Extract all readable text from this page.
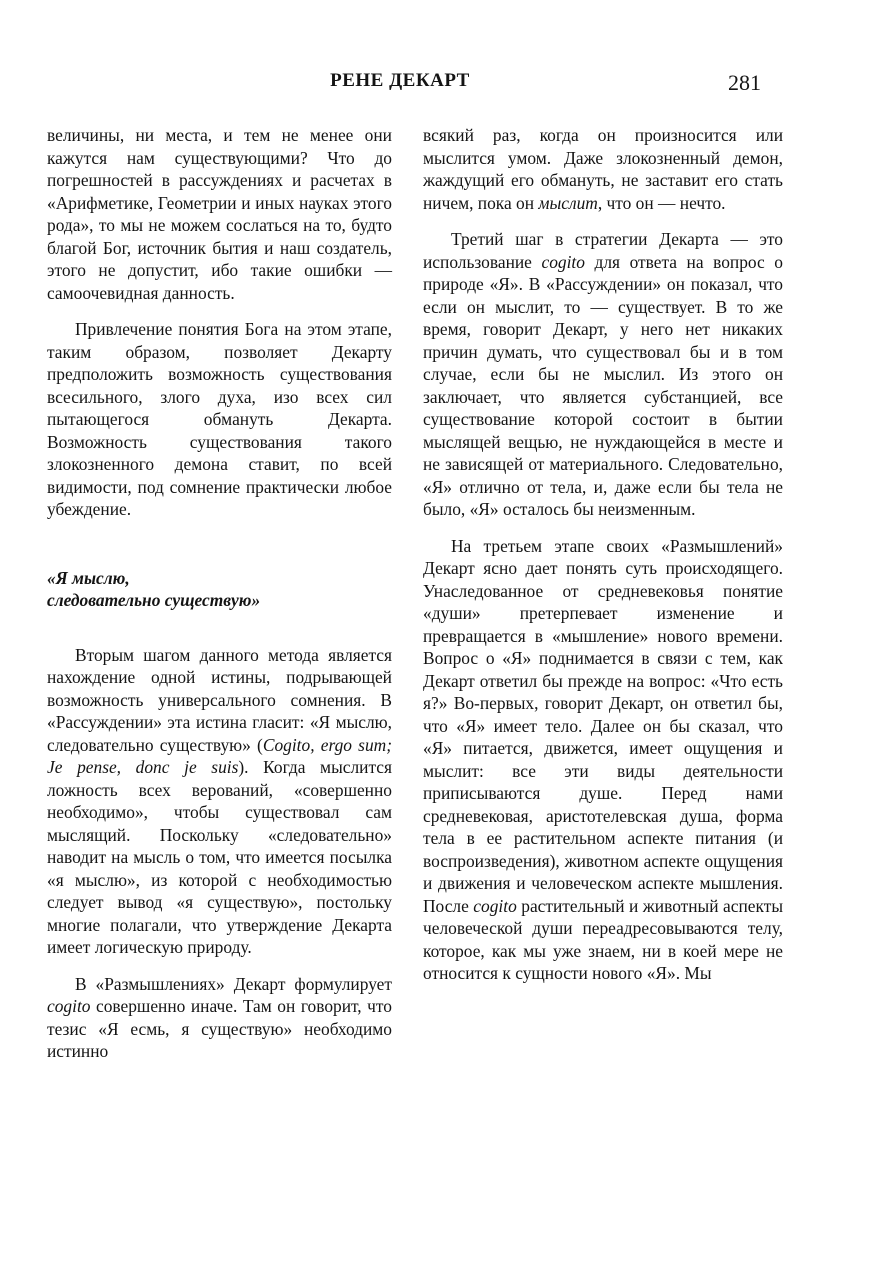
РЕНЕ ДЕКАРТ	281

величины, ни места, и тем не менее они кажутся нам существующими? Что до погрешностей в рассуждениях и расчетах в «Арифметике, Геометрии и иных науках этого рода», то мы не можем сослаться на то, будто благой Бог, источник бытия и наш создатель, этого не допустит, ибо такие ошибки — самоочевидная данность.

Привлечение понятия Бога на этом этапе, таким образом, позволяет Декарту предположить возможность существования всесильного, злого духа, изо всех сил пытающегося обмануть Декарта. Возможность существования такого злокозненного демона ставит, по всей видимости, под сомнение практически любое убеждение.

«Я мыслю,
следовательно существую»

Вторым шагом данного метода является нахождение одной истины, подрывающей возможность универсального сомнения. В «Рассуждении» эта истина гласит: «Я мыслю, следовательно существую» (Cogito, ergo sum; Je pense, donc je suis). Когда мыслится ложность всех верований, «совершенно необходимо», чтобы существовал сам мыслящий. Поскольку «следовательно» наводит на мысль о том, что имеется посылка «я мыслю», из которой с необходимостью следует вывод «я существую», постольку многие полагали, что утверждение Декарта имеет логическую природу.

В «Размышлениях» Декарт формулирует cogito совершенно иначе. Там он говорит, что тезис «Я есмь, я существую» необходимо истинно

всякий раз, когда он произносится или мыслится умом. Даже злокозненный демон, жаждущий его обмануть, не заставит его стать ничем, пока он мыслит, что он — нечто.

Третий шаг в стратегии Декарта — это использование cogito для ответа на вопрос о природе «Я». В «Рассуждении» он показал, что если он мыслит, то — существует. В то же время, говорит Декарт, у него нет никаких причин думать, что существовал бы и в том случае, если бы не мыслил. Из этого он заключает, что является субстанцией, все существование которой состоит в бытии мыслящей вещью, не нуждающейся в месте и не зависящей от материального. Следовательно, «Я» отлично от тела, и, даже если бы тела не было, «Я» осталось бы неизменным.

На третьем этапе своих «Размышлений» Декарт ясно дает понять суть происходящего. Унаследованное от средневековья понятие «души» претерпевает изменение и превращается в «мышление» нового времени. Вопрос о «Я» поднимается в связи с тем, как Декарт ответил бы прежде на вопрос: «Что есть я?» Во-первых, говорит Декарт, он ответил бы, что «Я» имеет тело. Далее он бы сказал, что «Я» питается, движется, имеет ощущения и мыслит: все эти виды деятельности приписываются душе. Перед нами средневековая, аристотелевская душа, форма тела в ее растительном аспекте питания (и воспроизведения), животном аспекте ощущения и движения и человеческом аспекте мышления. После cogito растительный и животный аспекты человеческой души переадресовываются телу, которое, как мы уже знаем, ни в коей мере не относится к сущности нового «Я». Мы
